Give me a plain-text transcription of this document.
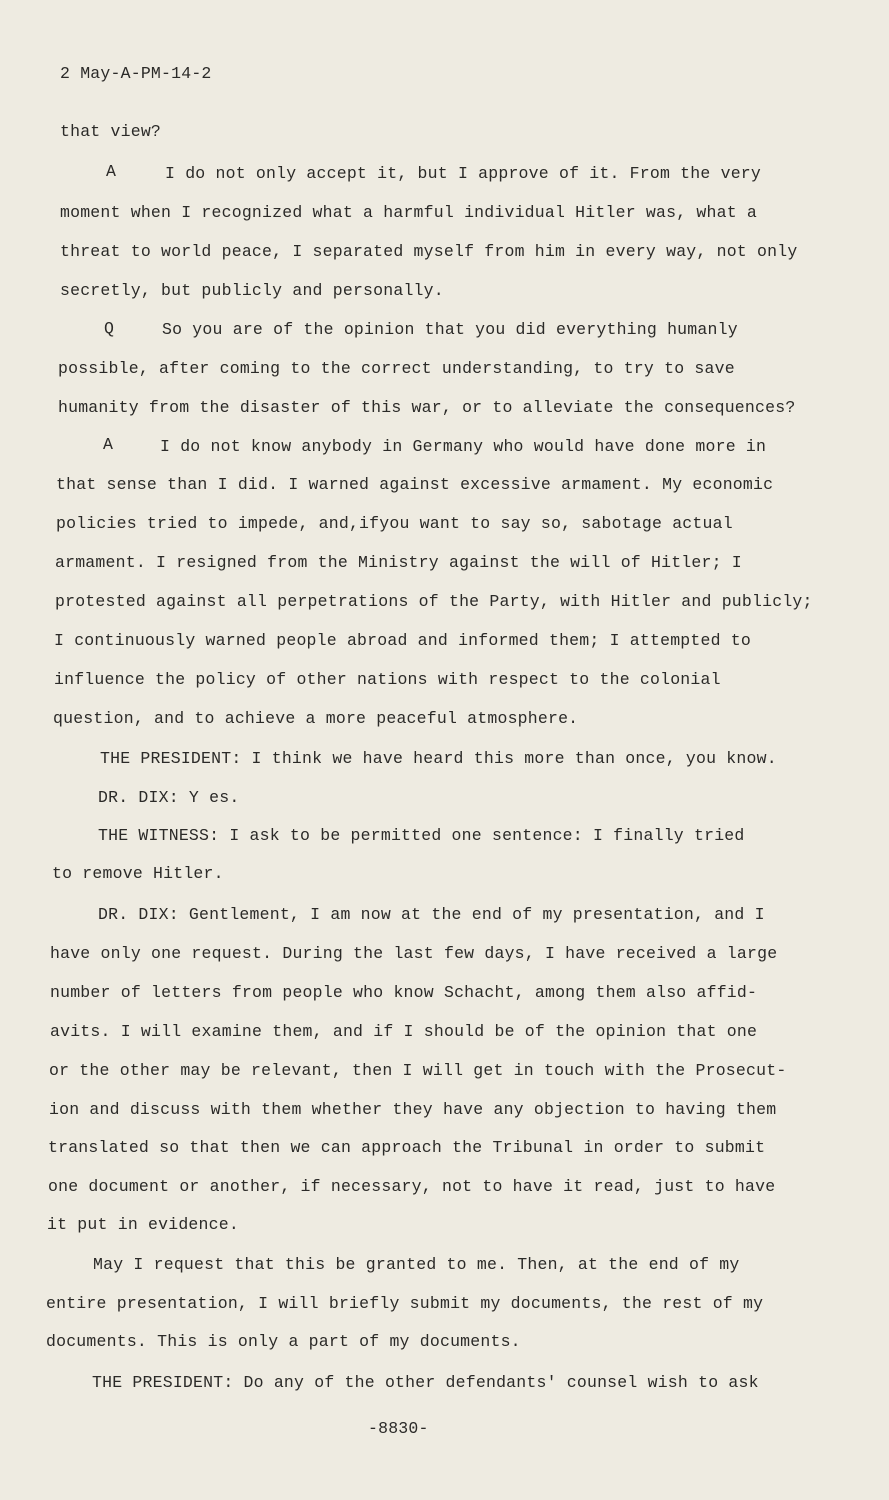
2 May-A-PM-14-2
that view?
A	I do not only accept it, but I approve of it. From the very
moment when I recognized what a harmful individual Hitler was, what a
threat to world peace, I separated myself from him in every way, not only
secretly, but publicly and personally.
Q	So you are of the opinion that you did everything humanly
possible, after coming to the correct understanding, to try to save
humanity from the disaster of this war, or to alleviate the consequences?
A	I do not know anybody in Germany who would have done more in
that sense than I did. I warned against excessive armament. My economic
policies tried to impede, and,ifyou want to say so, sabotage actual
armament. I resigned from the Ministry against the will of Hitler; I
protested against all perpetrations of the Party, with Hitler and publicly;
I continuously warned people abroad and informed them; I attempted to
influence the policy of other nations with respect to the colonial
question, and to achieve a more peaceful atmosphere.
THE PRESIDENT: I think we have heard this more than once, you know.
DR. DIX: Y es.
THE WITNESS: I ask to be permitted one sentence: I finally tried
to remove Hitler.
DR. DIX: Gentlement, I am now at the end of my presentation, and I
have only one request. During the last few days, I have received a large
number of letters from people who know Schacht, among them also affid-
avits. I will examine them, and if I should be of the opinion that one
or the other may be relevant, then I will get in touch with the Prosecut-
ion and discuss with them whether they have any objection to having them
translated so that then we can approach the Tribunal in order to submit
one document or another, if necessary, not to have it read, just to have
it put in evidence.
May I request that this be granted to me. Then, at the end of my
entire presentation, I will briefly submit my documents, the rest of my
documents. This is only a part of my documents.
THE PRESIDENT: Do any of the other defendants' counsel wish to ask
-8830-
